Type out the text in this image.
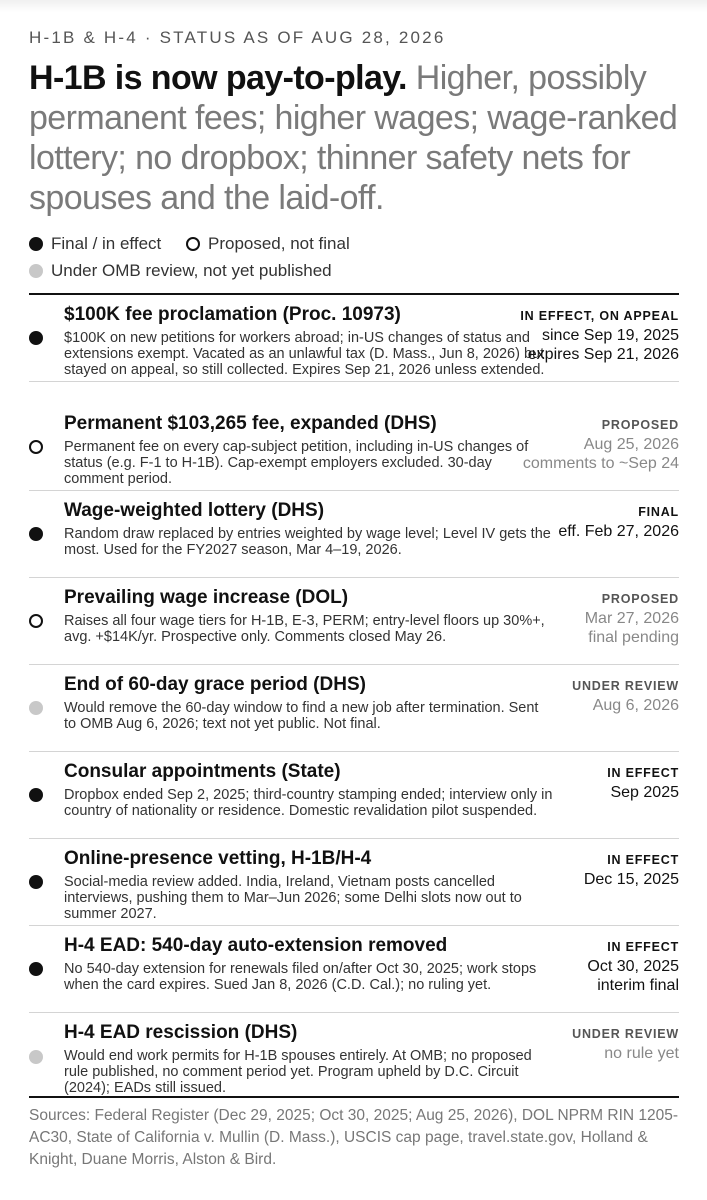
H-1B & H-4 · STATUS AS OF AUG 28, 2026
H-1B is now pay-to-play. Higher, possibly permanent fees; higher wages; wage-ranked lottery; no dropbox; thinner safety nets for spouses and the laid-off.
Final / in effect
	Proposed, not final
Under OMB review, not yet published
$100K fee proclamation (Proc. 10973)
$100K on new petitions for workers abroad; in-US changes of status and extensions exempt. Vacated as an unlawful tax (D. Mass., Jun 8, 2026) but stayed on appeal, so still collected. Expires Sep 21, 2026 unless extended.
IN EFFECT, ON APPEAL
since Sep 19, 2025
expires Sep 21, 2026
Permanent $103,265 fee, expanded (DHS)
Permanent fee on every cap-subject petition, including in-US changes of status (e.g. F-1 to H-1B). Cap-exempt employers excluded. 30-day comment period.
PROPOSED
Aug 25, 2026
comments to ~Sep 24
Wage-weighted lottery (DHS)
Random draw replaced by entries weighted by wage level; Level IV gets the most. Used for the FY2027 season, Mar 4–19, 2026.
FINAL
eff. Feb 27, 2026
Prevailing wage increase (DOL)
Raises all four wage tiers for H-1B, E-3, PERM; entry-level floors up 30%+, avg. +$14K/yr. Prospective only. Comments closed May 26.
PROPOSED
Mar 27, 2026
final pending
End of 60-day grace period (DHS)
Would remove the 60-day window to find a new job after termination. Sent to OMB Aug 6, 2026; text not yet public. Not final.
UNDER REVIEW
Aug 6, 2026
Consular appointments (State)
Dropbox ended Sep 2, 2025; third-country stamping ended; interview only in country of nationality or residence. Domestic revalidation pilot suspended.
IN EFFECT
Sep 2025
Online-presence vetting, H-1B/H-4
Social-media review added. India, Ireland, Vietnam posts cancelled interviews, pushing them to Mar–Jun 2026; some Delhi slots now out to summer 2027.
IN EFFECT
Dec 15, 2025
H-4 EAD: 540-day auto-extension removed
No 540-day extension for renewals filed on/after Oct 30, 2025; work stops when the card expires. Sued Jan 8, 2026 (C.D. Cal.); no ruling yet.
IN EFFECT
Oct 30, 2025
interim final
H-4 EAD rescission (DHS)
Would end work permits for H-1B spouses entirely. At OMB; no proposed rule published, no comment period yet. Program upheld by D.C. Circuit (2024); EADs still issued.
UNDER REVIEW
no rule yet
Sources: Federal Register (Dec 29, 2025; Oct 30, 2025; Aug 25, 2026), DOL NPRM RIN 1205-AC30, State of California v. Mullin (D. Mass.), USCIS cap page, travel.state.gov, Holland & Knight, Duane Morris, Alston & Bird.
